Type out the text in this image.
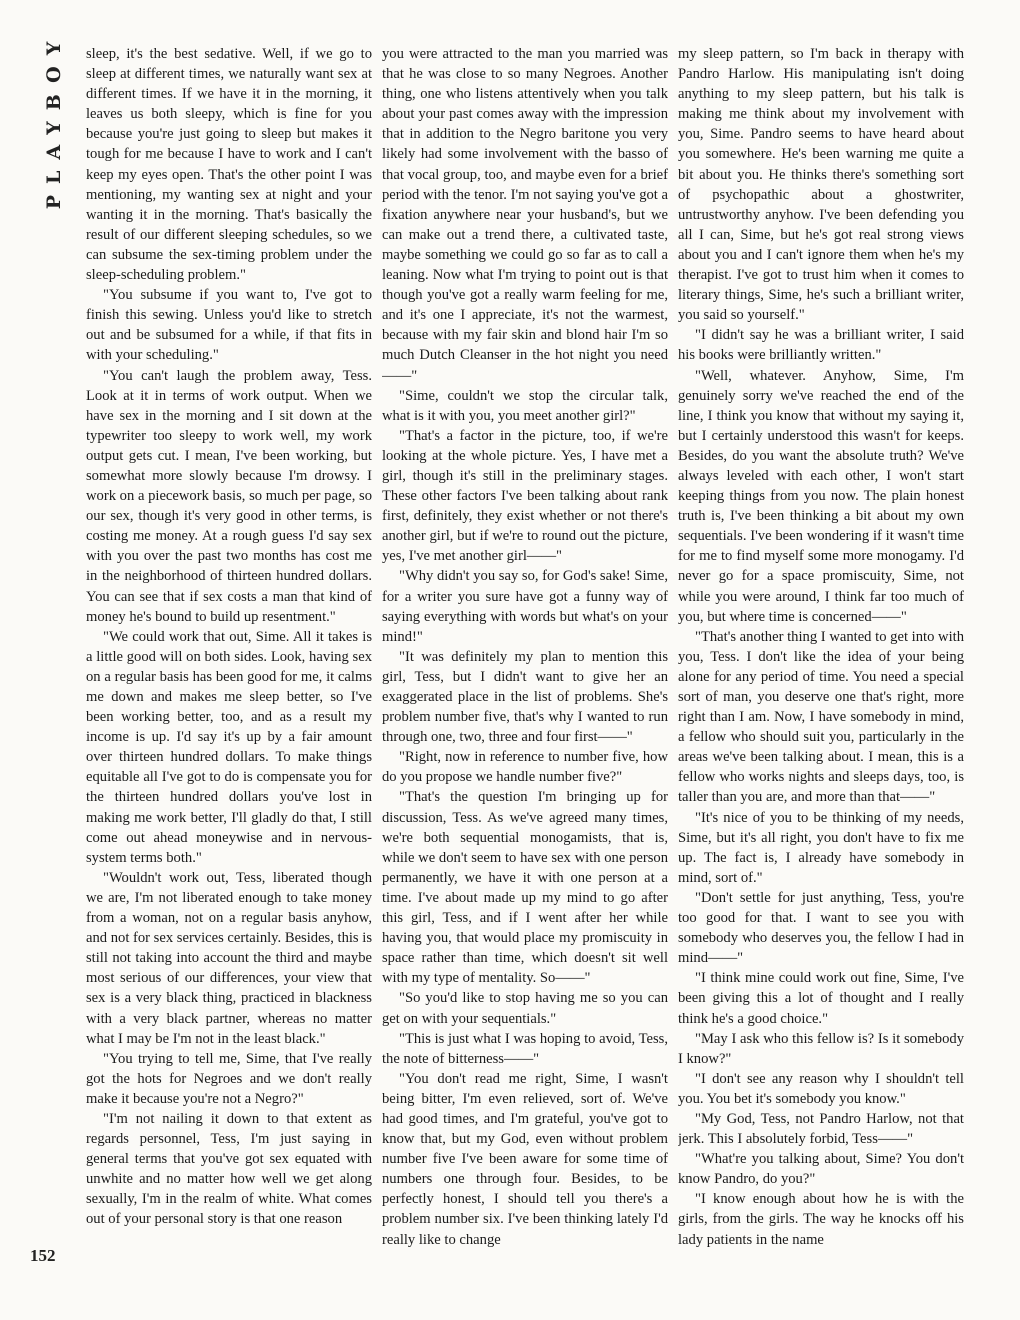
PLAYBOY sleep, it's the best sedative. Well, if we go to sleep at different times, we naturally want sex at different times. If we have it in the morning, it leaves us both sleepy, which is fine for you because you're just going to sleep but makes it tough for me because I have to work and I can't keep my eyes open. That's the other point I was mentioning, my wanting sex at night and your wanting it in the morning. That's basically the result of our different sleeping schedules, so we can subsume the sex-timing problem under the sleep-scheduling problem."

"You subsume if you want to, I've got to finish this sewing. Unless you'd like to stretch out and be subsumed for a while, if that fits in with your scheduling."

"You can't laugh the problem away, Tess. Look at it in terms of work output. When we have sex in the morning and I sit down at the typewriter too sleepy to work well, my work output gets cut. I mean, I've been working, but somewhat more slowly because I'm drowsy. I work on a piecework basis, so much per page, so our sex, though it's very good in other terms, is costing me money. At a rough guess I'd say sex with you over the past two months has cost me in the neighborhood of thirteen hundred dollars. You can see that if sex costs a man that kind of money he's bound to build up resentment."

"We could work that out, Sime. All it takes is a little good will on both sides. Look, having sex on a regular basis has been good for me, it calms me down and makes me sleep better, so I've been working better, too, and as a result my income is up. I'd say it's up by a fair amount over thirteen hundred dollars. To make things equitable all I've got to do is compensate you for the thirteen hundred dollars you've lost in making me work better, I'll gladly do that, I still come out ahead moneywise and in nervous-system terms both."

"Wouldn't work out, Tess, liberated though we are, I'm not liberated enough to take money from a woman, not on a regular basis anyhow, and not for sex services certainly. Besides, this is still not taking into account the third and maybe most serious of our differences, your view that sex is a very black thing, practiced in blackness with a very black partner, whereas no matter what I may be I'm not in the least black."

"You trying to tell me, Sime, that I've really got the hots for Negroes and we don't really make it because you're not a Negro?"

"I'm not nailing it down to that extent as regards personnel, Tess, I'm just saying in general terms that you've got sex equated with unwhite and no matter how well we get along sexually, I'm in the realm of white. What comes out of your personal story is that one reason

you were attracted to the man you married was that he was close to so many Negroes. Another thing, one who listens attentively when you talk about your past comes away with the impression that in addition to the Negro baritone you very likely had some involvement with the basso of that vocal group, too, and maybe even for a brief period with the tenor. I'm not saying you've got a fixation anywhere near your husband's, but we can make out a trend there, a cultivated taste, maybe something we could go so far as to call a leaning. Now what I'm trying to point out is that though you've got a really warm feeling for me, and it's one I appreciate, it's not the warmest, because with my fair skin and blond hair I'm so much Dutch Cleanser in the hot night you need——"

"Sime, couldn't we stop the circular talk, what is it with you, you meet another girl?"

"That's a factor in the picture, too, if we're looking at the whole picture. Yes, I have met a girl, though it's still in the preliminary stages. These other factors I've been talking about rank first, definitely, they exist whether or not there's another girl, but if we're to round out the picture, yes, I've met another girl——"

"Why didn't you say so, for God's sake! Sime, for a writer you sure have got a funny way of saying everything with words but what's on your mind!"

"It was definitely my plan to mention this girl, Tess, but I didn't want to give her an exaggerated place in the list of problems. She's problem number five, that's why I wanted to run through one, two, three and four first——"

"Right, now in reference to number five, how do you propose we handle number five?"

"That's the question I'm bringing up for discussion, Tess. As we've agreed many times, we're both sequential monogamists, that is, while we don't seem to have sex with one person permanently, we have it with one person at a time. I've about made up my mind to go after this girl, Tess, and if I went after her while having you, that would place my promiscuity in space rather than time, which doesn't sit well with my type of mentality. So——"

"So you'd like to stop having me so you can get on with your sequentials."

"This is just what I was hoping to avoid, Tess, the note of bitterness——"

"You don't read me right, Sime, I wasn't being bitter, I'm even relieved, sort of. We've had good times, and I'm grateful, you've got to know that, but my God, even without problem number five I've been aware for some time of numbers one through four. Besides, to be perfectly honest, I should tell you there's a problem number six. I've been thinking lately I'd really like to change

my sleep pattern, so I'm back in therapy with Pandro Harlow. His manipulating isn't doing anything to my sleep pattern, but his talk is making me think about my involvement with you, Sime. Pandro seems to have heard about you somewhere. He's been warning me quite a bit about you. He thinks there's something sort of psychopathic about a ghostwriter, untrustworthy anyhow. I've been defending you all I can, Sime, but he's got real strong views about you and I can't ignore them when he's my therapist. I've got to trust him when it comes to literary things, Sime, he's such a brilliant writer, you said so yourself."

"I didn't say he was a brilliant writer, I said his books were brilliantly written."

"Well, whatever. Anyhow, Sime, I'm genuinely sorry we've reached the end of the line, I think you know that without my saying it, but I certainly understood this wasn't for keeps. Besides, do you want the absolute truth? We've always leveled with each other, I won't start keeping things from you now. The plain honest truth is, I've been thinking a bit about my own sequentials. I've been wondering if it wasn't time for me to find myself some more monogamy. I'd never go for a space promiscuity, Sime, not while you were around, I think far too much of you, but where time is concerned——"

"That's another thing I wanted to get into with you, Tess. I don't like the idea of your being alone for any period of time. You need a special sort of man, you deserve one that's right, more right than I am. Now, I have somebody in mind, a fellow who should suit you, particularly in the areas we've been talking about. I mean, this is a fellow who works nights and sleeps days, too, is taller than you are, and more than that——"

"It's nice of you to be thinking of my needs, Sime, but it's all right, you don't have to fix me up. The fact is, I already have somebody in mind, sort of."

"Don't settle for just anything, Tess, you're too good for that. I want to see you with somebody who deserves you, the fellow I had in mind——"

"I think mine could work out fine, Sime, I've been giving this a lot of thought and I really think he's a good choice."

"May I ask who this fellow is? Is it somebody I know?"

"I don't see any reason why I shouldn't tell you. You bet it's somebody you know."

"My God, Tess, not Pandro Harlow, not that jerk. This I absolutely forbid, Tess——"

"What're you talking about, Sime? You don't know Pandro, do you?"

"I know enough about how he is with the girls, from the girls. The way he knocks off his lady patients in the name

152
